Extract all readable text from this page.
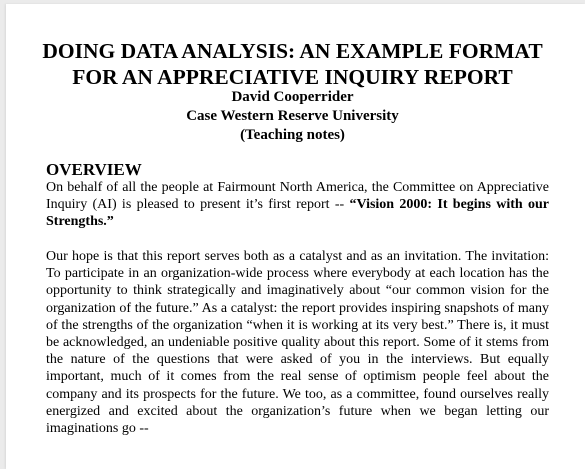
DOING DATA ANALYSIS: AN EXAMPLE FORMAT
FOR AN APPRECIATIVE INQUIRY REPORT

David Cooperrider

Case Western Reserve University

(Teaching notes)

OVERVIEW

On behalf of all the people at Fairmount North America, the Committee on Appreciative Inquiry (AI) is pleased to present it’s first report -- “Vision 2000: It begins with our Strengths.”

Our hope is that this report serves both as a catalyst and as an invitation. The invitation: To participate in an organization-wide process where everybody at each location has the opportunity to think strategically and imaginatively about “our common vision for the organization of the future.” As a catalyst: the report provides inspiring snapshots of many of the strengths of the organization “when it is working at its very best.” There is, it must be acknowledged, an undeniable positive quality about this report. Some of it stems from the nature of the questions that were asked of you in the interviews. But equally important, much of it comes from the real sense of optimism people feel about the company and its prospects for the future. We too, as a committee, found ourselves really energized and excited about the organization’s future when we began letting our imaginations go --
